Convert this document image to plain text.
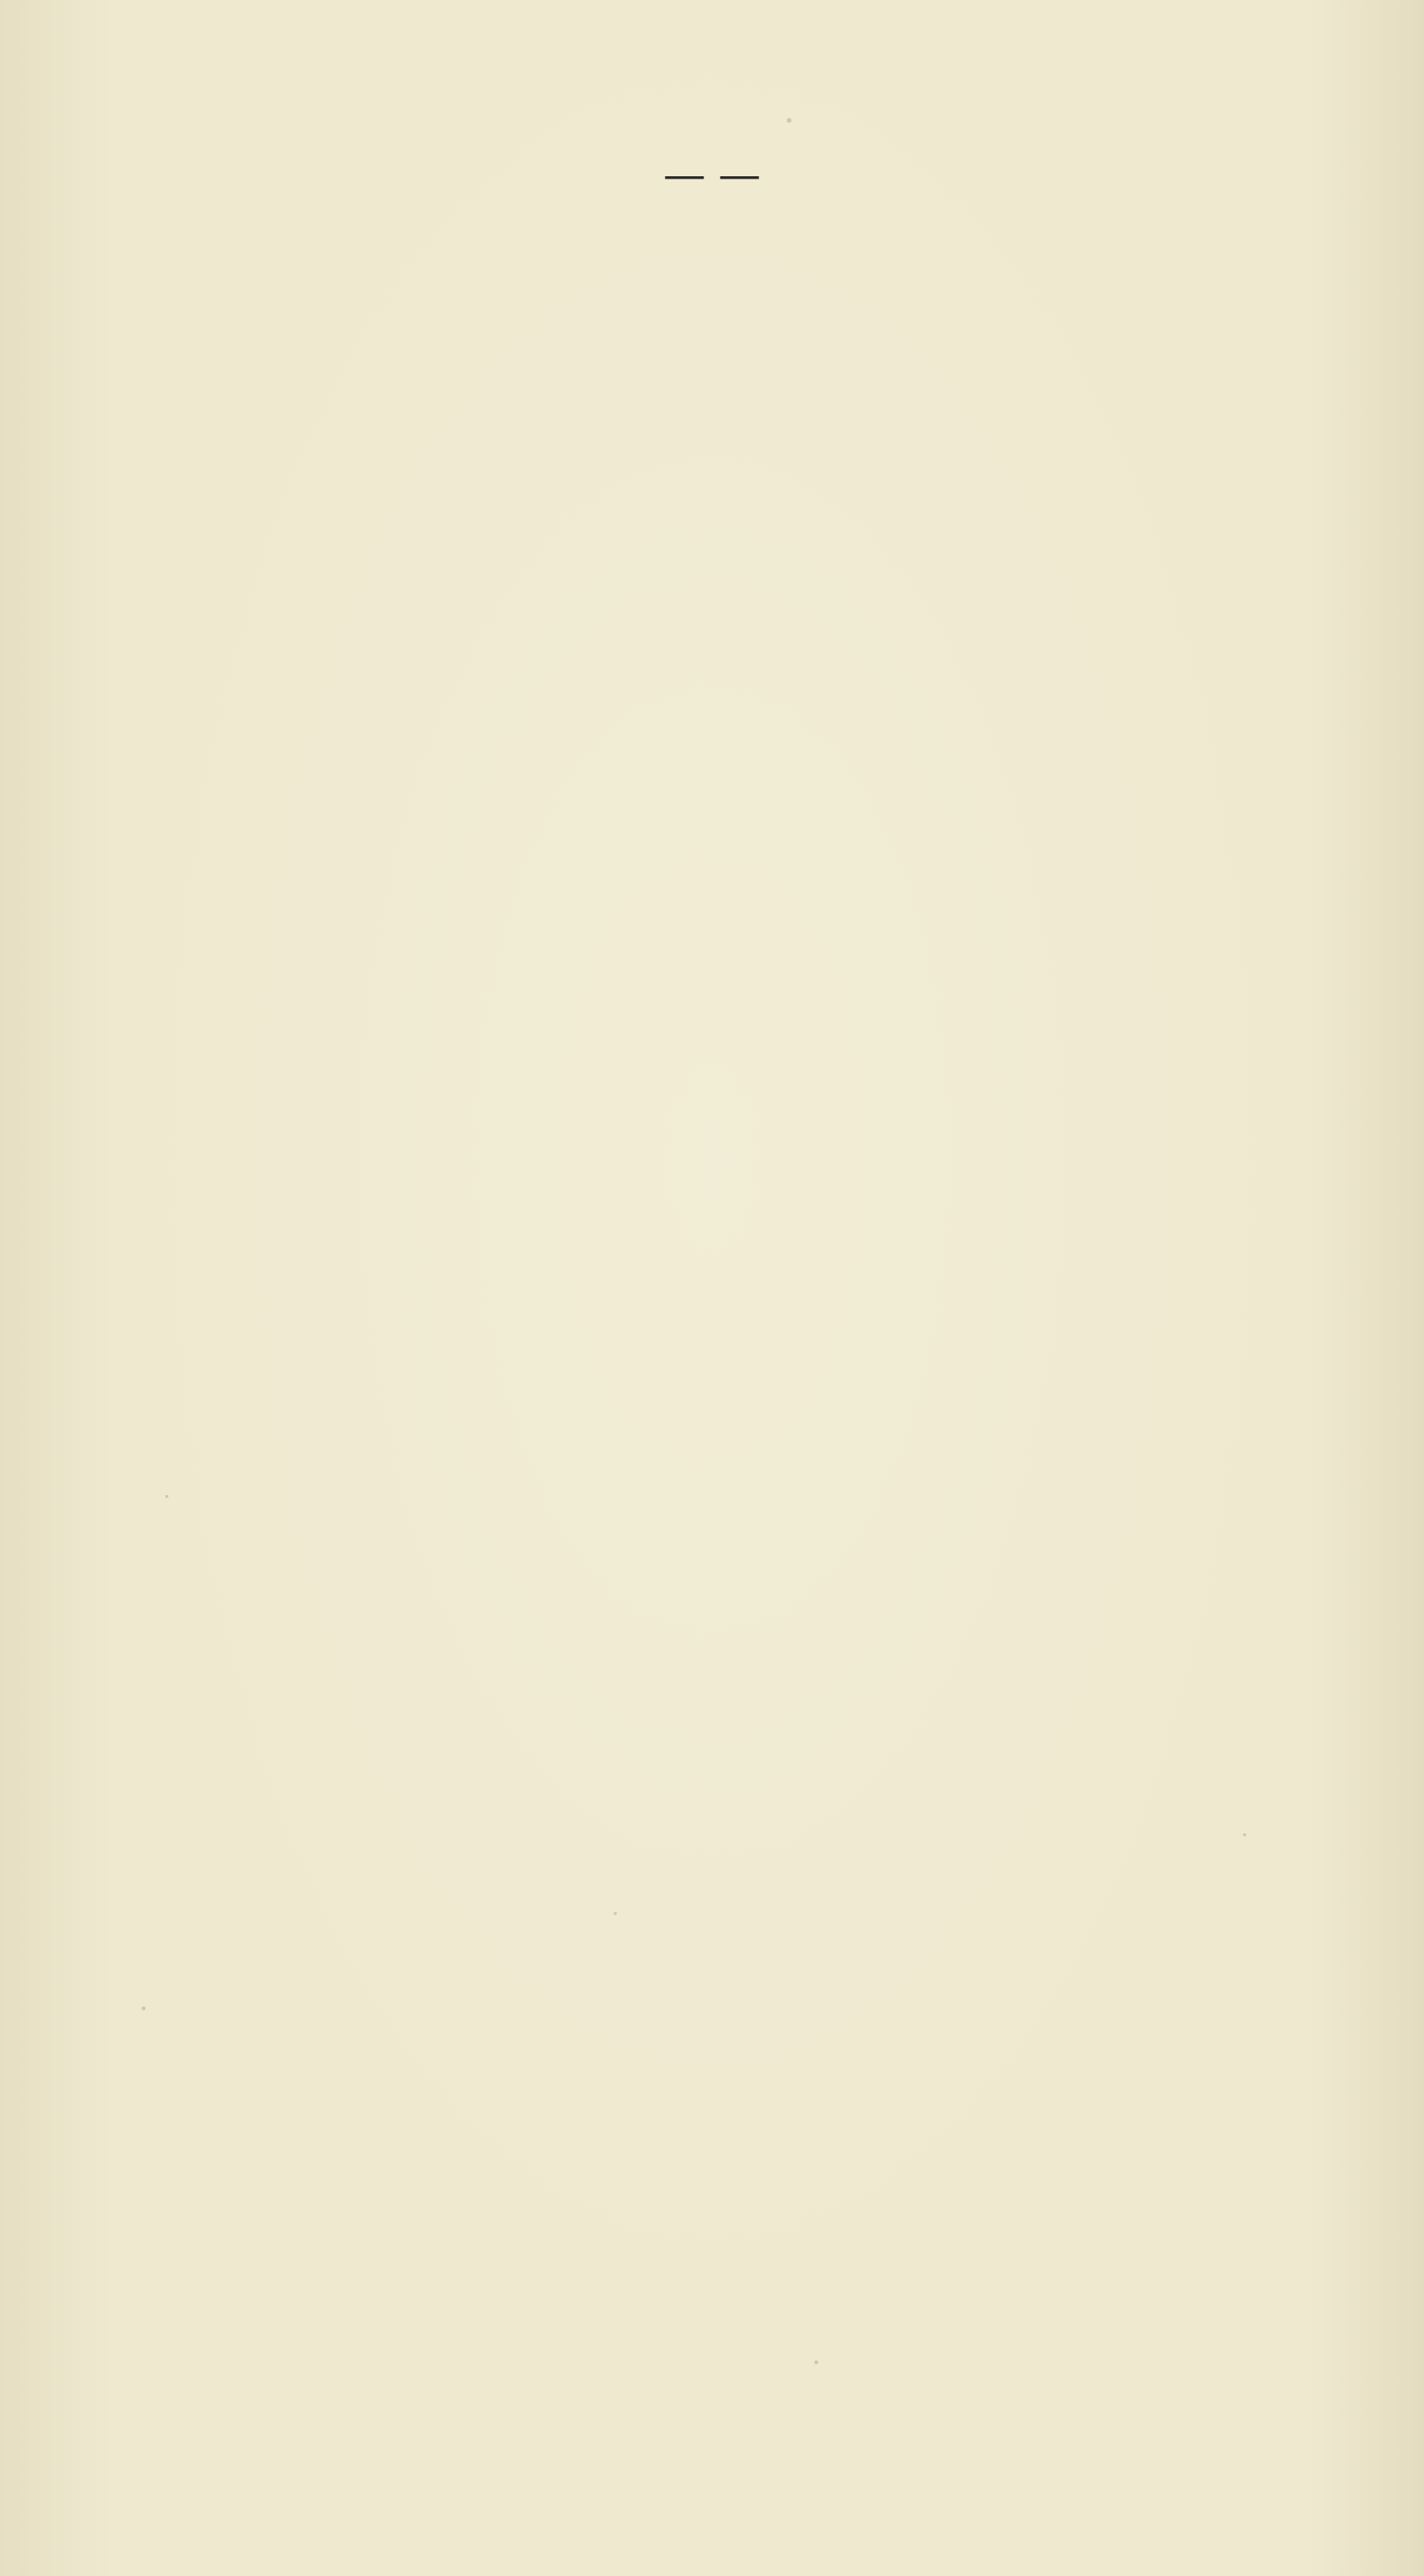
— —
